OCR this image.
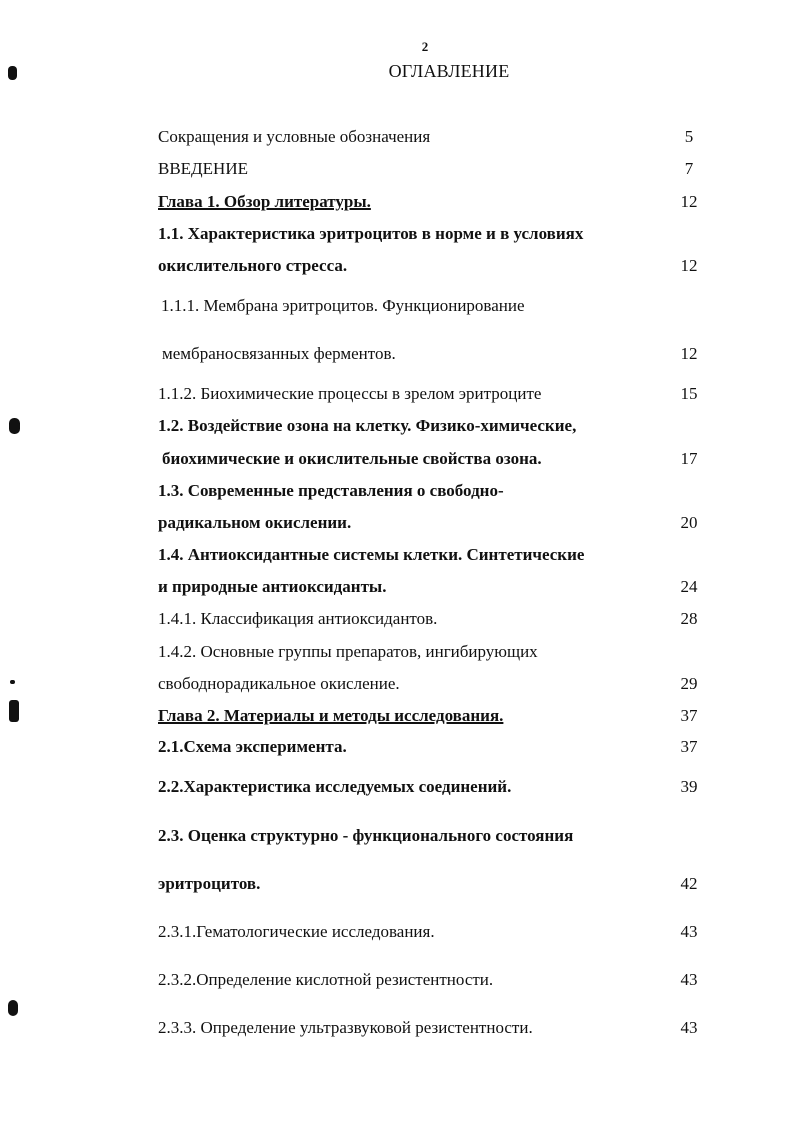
2
ОГЛАВЛЕНИЕ
Сокращения и условные обозначения	5
ВВЕДЕНИЕ	7
Глава 1. Обзор литературы.	12
1.1. Характеристика эритроцитов в норме и в условиях
окислительного стресса.	12
1.1.1. Мембрана эритроцитов. Функционирование
мембраносвязанных ферментов.	12
1.1.2. Биохимические процессы в зрелом эритроците	15
1.2. Воздействие озона на клетку. Физико-химические,
биохимические и окислительные свойства озона.	17
1.3. Современные представления о свободно-
радикальном окислении.	20
1.4. Антиоксидантные системы клетки. Синтетические
и природные антиоксиданты.	24
1.4.1. Классификация антиоксидантов.	28
1.4.2. Основные группы препаратов, ингибирующих
свободнорадикальное окисление.	29
Глава 2. Материалы и методы исследования.	37
2.1.Схема эксперимента.	37
2.2.Характеристика исследуемых соединений.	39
2.3. Оценка структурно - функционального состояния
эритроцитов.	42
2.3.1.Гематологические исследования.	43
2.3.2.Определение кислотной резистентности.	43
2.3.3. Определение ультразвуковой резистентности.	43
